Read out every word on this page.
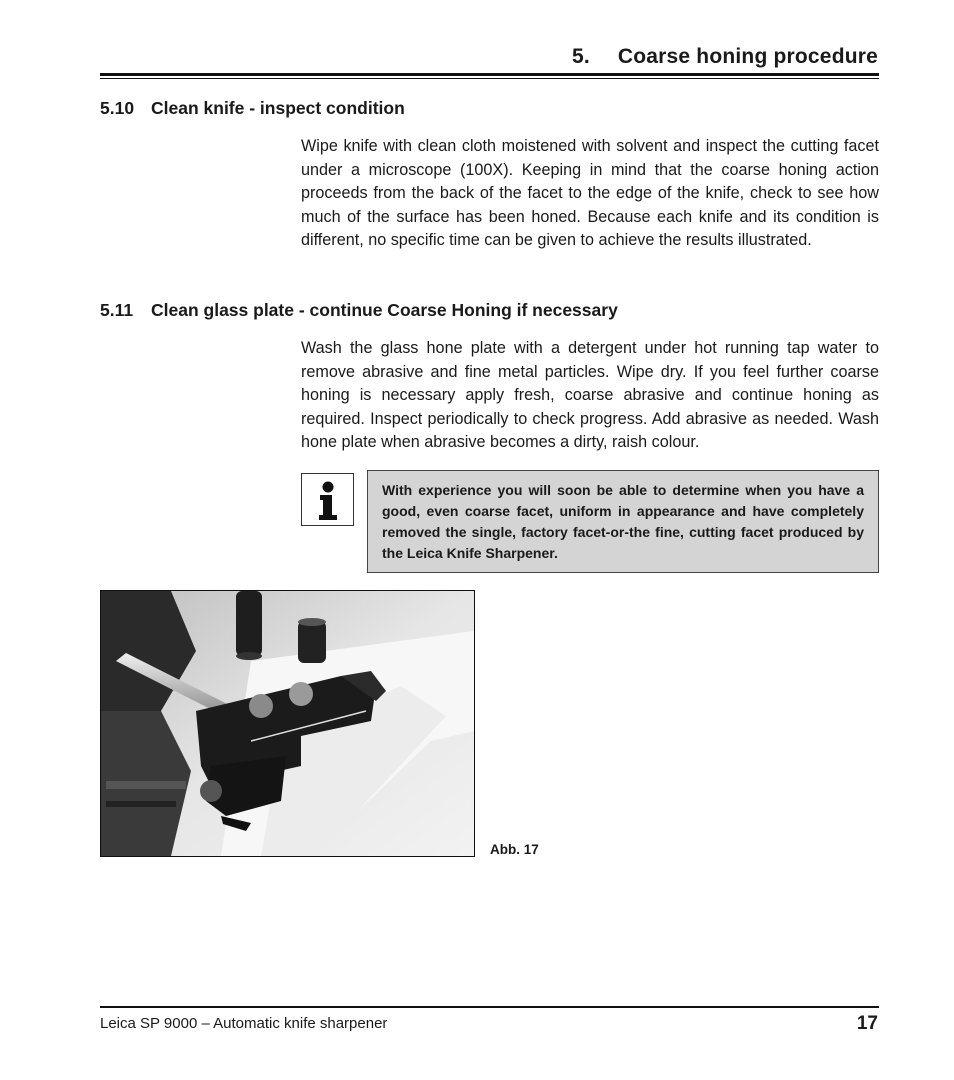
5. Coarse honing procedure
5.10 Clean knife - inspect condition
Wipe knife with clean cloth moistened with solvent and inspect the cutting facet under a microscope (100X). Keeping in mind that the coarse honing action proceeds from the back of the facet to the edge of the knife, check to see how much of the surface has been honed. Because each knife and its condition is different, no specific time can be given to achieve the results illustrated.
5.11 Clean glass plate - continue Coarse Honing if necessary
Wash the glass hone plate with a detergent under hot running tap water to remove abrasive and fine metal particles. Wipe dry. If you feel further coarse honing is necessary apply fresh, coarse abrasive and continue honing as required. Inspect periodically to check progress. Add abrasive as needed. Wash hone plate when abrasive becomes a dirty, raish colour.
With experience you will soon be able to determine when you have a good, even coarse facet, uniform in appearance and have completely removed the single, factory facet-or-the fine, cutting facet produced by the Leica Knife Sharpener.
Abb. 17
Leica SP 9000 – Automatic knife sharpener	17
